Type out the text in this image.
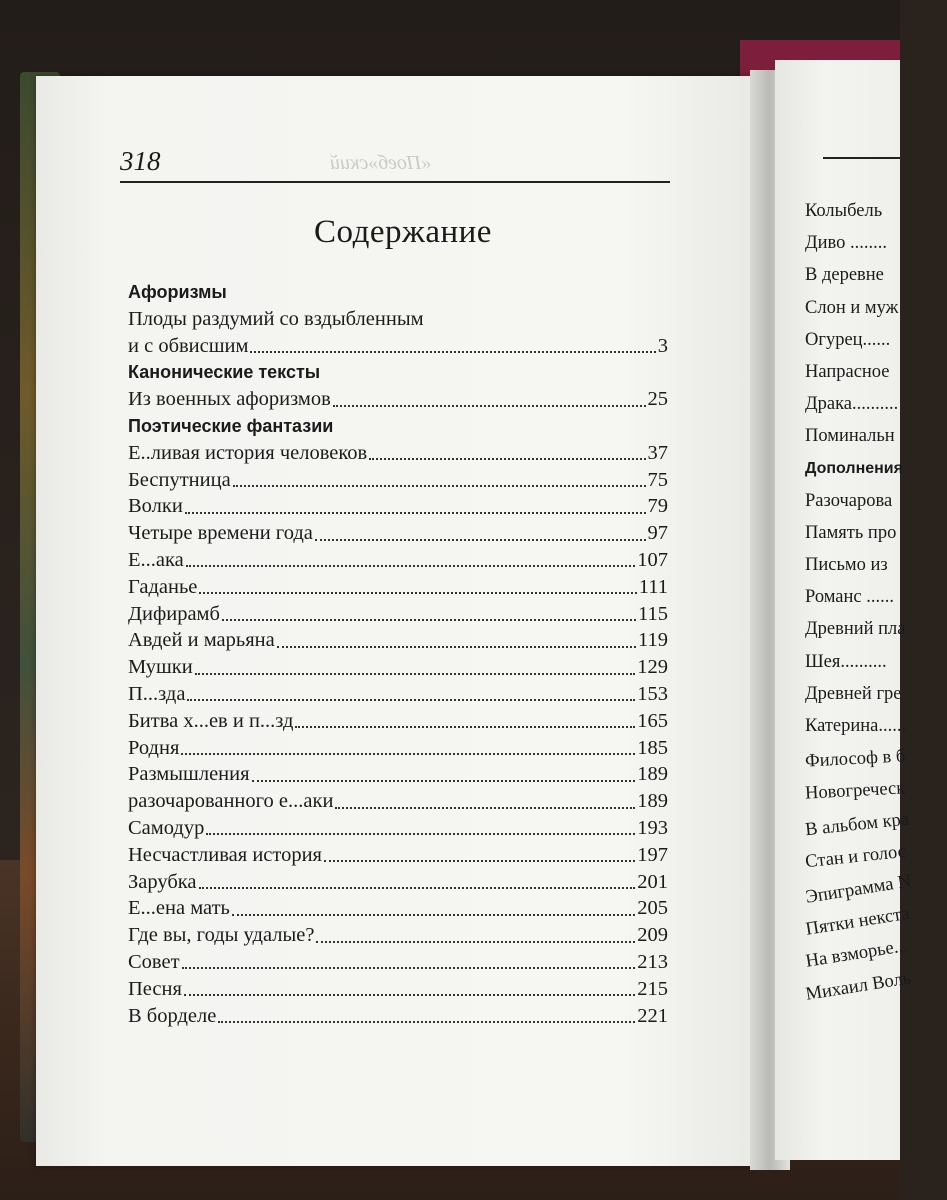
318	«Поеб»ский
Содержание
Афоризмы
Плоды раздумий со вздыбленным
и с обвисшим	3
Канонические тексты
Из военных афоризмов	25
Поэтические фантазии
Е..ливая история человеков	37
Беспутница	75
Волки	79
Четыре времени года	97
Е...ака	107
Гаданье	111
Дифирамб	115
Авдей и марьяна	119
Мушки	129
П...зда	153
Битва х...ев и п...зд	165
Родня	185
Размышления	189
разочарованного е...аки	189
Самодур	193
Несчастливая история	197
Зарубка	201
Е...ена мать	205
Где вы, годы удалые?	209
Совет	213
Песня	215
В борделе	221
Колыбель
Диво ........
В деревне
Слон и муж
Огурец......
Напрасное
Драка..........
Поминальн
Дополнения
Разочарова
Память про
Письмо из
Романс ......
Древний пла
Шея..........
Древней гре
Катерина......
Философ в б
Новогреческ
В альбом кра
Стан и голос
Эпиграмма N
Пятки некста
На взморье...
Михаил Воль
